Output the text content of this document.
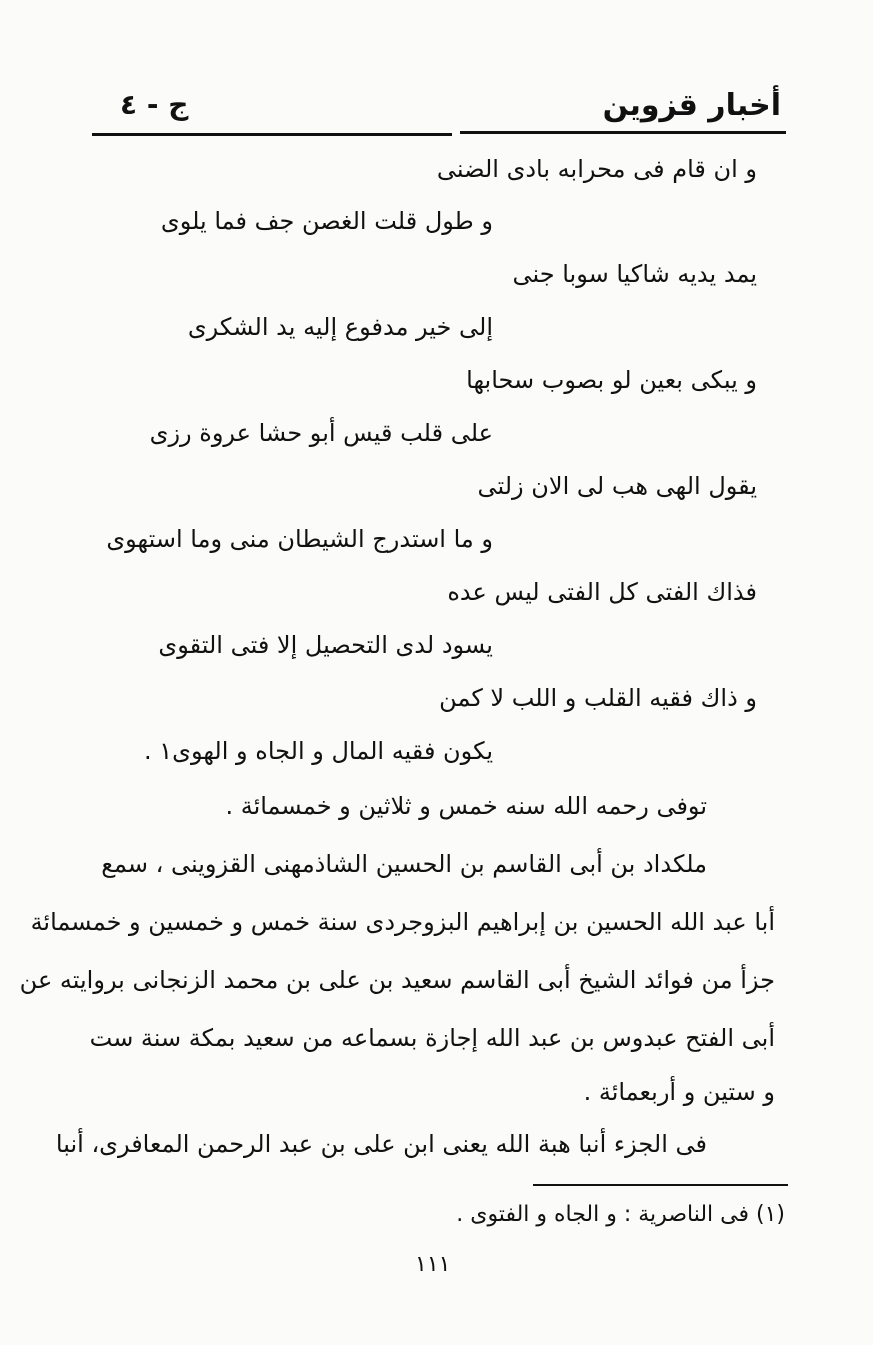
أخبار قزوين
ج - ٤
و ان قام فى محرابه بادى الضنى
و طول قلت الغصن جف فما يلوى
يمد يديه شاكيا سوبا جنى
إلى خير مدفوع إليه يد الشكرى
و يبكى بعين لو بصوب سحابها
على قلب قيس أبو حشا عروة رزى
يقول الهى هب لى الان زلتى
و ما استدرج الشيطان منى وما استهوى
فذاك الفتى كل الفتى ليس عده
يسود لدى التحصيل إلا فتى التقوى
و ذاك فقيه القلب و اللب لا كمن
يكون فقيه المال و الجاه و الهوى١ .
توفى رحمه الله سنه خمس و ثلاثين و خمسمائة .
ملكداد بن أبى القاسم بن الحسين الشاذمهنى القزوينى ، سمع
أبا عبد الله الحسين بن إبراهيم البزوجردى سنة خمس و خمسين و خمسمائة
جزأ من فوائد الشيخ أبى القاسم سعيد بن على بن محمد الزنجانى بروايته عن
أبى الفتح عبدوس بن عبد الله إجازة بسماعه من سعيد بمكة سنة ست
و ستين و أربعمائة .
فى الجزء أنبا هبة الله يعنى ابن على بن عبد الرحمن المعافرى، أنبا
(١) فى الناصرية : و الجاه و الفتوى .
١١١
